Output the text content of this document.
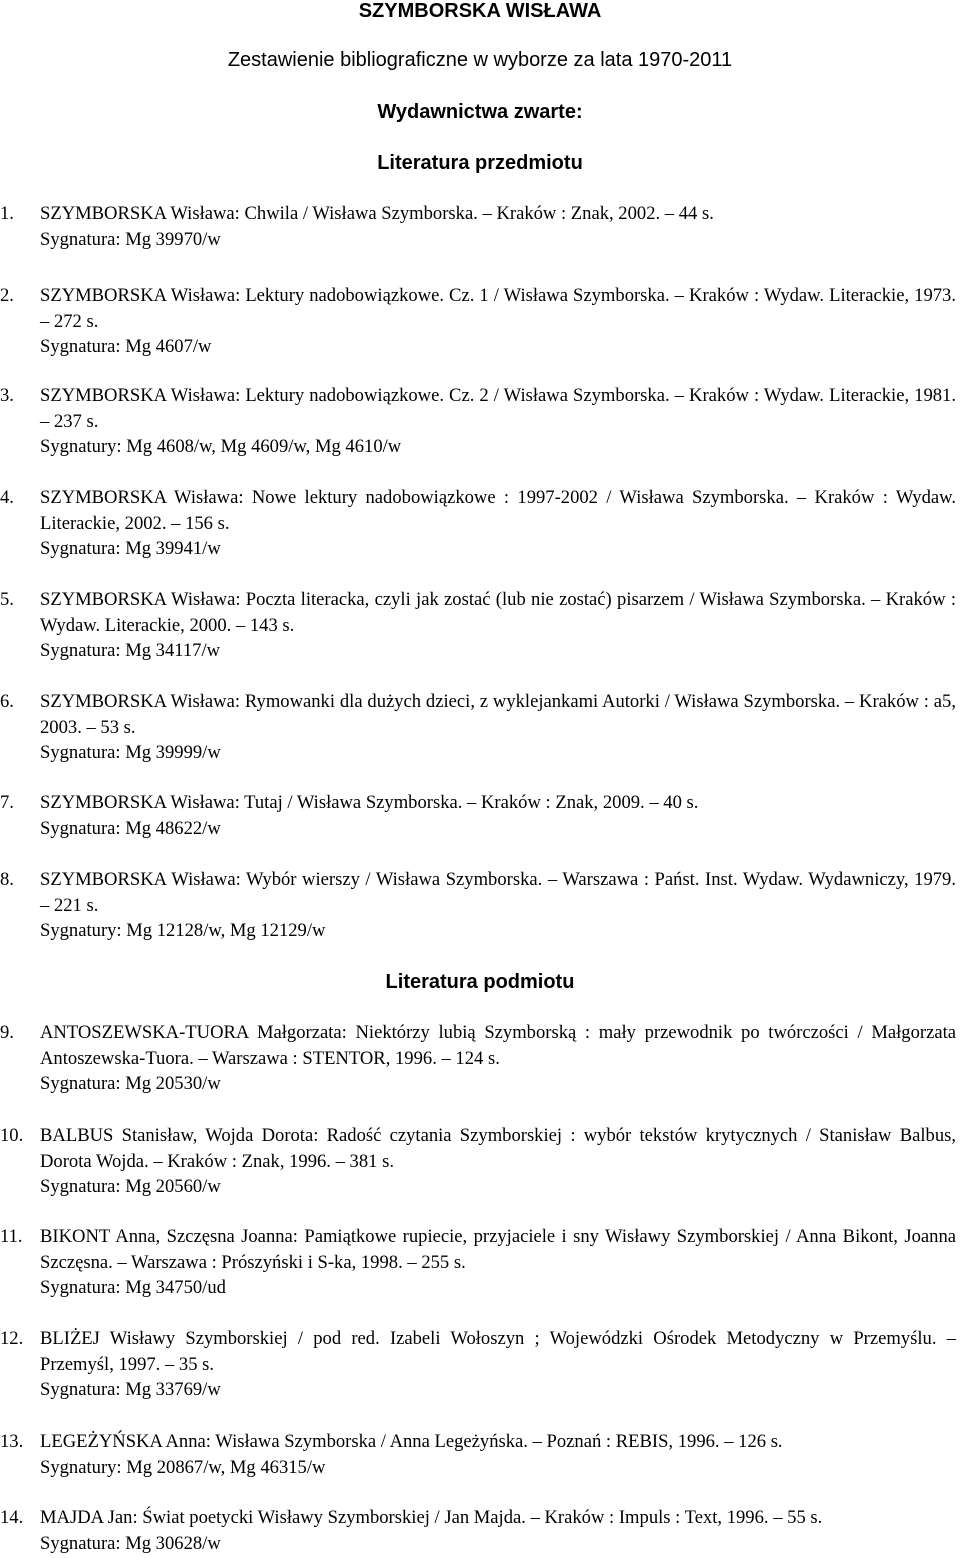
SZYMBORSKA WISŁAWA
Zestawienie bibliograficzne w wyborze za lata 1970-2011
Wydawnictwa zwarte:
Literatura przedmiotu
1. SZYMBORSKA Wisława: Chwila / Wisława Szymborska. – Kraków : Znak, 2002. – 44 s.
Sygnatura: Mg 39970/w
2. SZYMBORSKA Wisława: Lektury nadobowiązkowe. Cz. 1 / Wisława Szymborska. – Kraków : Wydaw. Literackie, 1973. – 272 s.
Sygnatura: Mg 4607/w
3. SZYMBORSKA Wisława: Lektury nadobowiązkowe. Cz. 2 / Wisława Szymborska. – Kraków : Wydaw. Literackie, 1981. – 237 s.
Sygnatury: Mg 4608/w, Mg 4609/w, Mg 4610/w
4. SZYMBORSKA Wisława: Nowe lektury nadobowiązkowe : 1997-2002 / Wisława Szymborska. – Kraków : Wydaw. Literackie, 2002. – 156 s.
Sygnatura: Mg 39941/w
5. SZYMBORSKA Wisława: Poczta literacka, czyli jak zostać (lub nie zostać) pisarzem / Wisława Szymborska. – Kraków : Wydaw. Literackie, 2000. – 143 s.
Sygnatura: Mg 34117/w
6. SZYMBORSKA Wisława: Rymowanki dla dużych dzieci, z wyklejankami Autorki / Wisława Szymborska. – Kraków : a5, 2003. – 53 s.
Sygnatura: Mg 39999/w
7. SZYMBORSKA Wisława: Tutaj / Wisława Szymborska. – Kraków : Znak, 2009. – 40 s.
Sygnatura: Mg 48622/w
8. SZYMBORSKA Wisława: Wybór wierszy / Wisława Szymborska. – Warszawa : Państ. Inst. Wydaw. Wydawniczy, 1979. – 221 s.
Sygnatury: Mg 12128/w, Mg 12129/w
Literatura podmiotu
9. ANTOSZEWSKA-TUORA Małgorzata: Niektórzy lubią Szymborską : mały przewodnik po twórczości / Małgorzata Antoszewska-Tuora. – Warszawa : STENTOR, 1996. – 124 s.
Sygnatura: Mg 20530/w
10. BALBUS Stanisław, Wojda Dorota: Radość czytania Szymborskiej : wybór tekstów krytycznych / Stanisław Balbus, Dorota Wojda. – Kraków : Znak, 1996. – 381 s.
Sygnatura: Mg 20560/w
11. BIKONT Anna, Szczęsna Joanna: Pamiątkowe rupiecie, przyjaciele i sny Wisławy Szymborskiej / Anna Bikont, Joanna Szczęsna. – Warszawa : Prószyński i S-ka, 1998. – 255 s.
Sygnatura: Mg 34750/ud
12. BLIŻEJ Wisławy Szymborskiej / pod red. Izabeli Wołoszyn ; Wojewódzki Ośrodek Metodyczny w Przemyślu. – Przemyśl, 1997. – 35 s.
Sygnatura: Mg 33769/w
13. LEGEŻYŃSKA Anna: Wisława Szymborska / Anna Legeżyńska. – Poznań : REBIS, 1996. – 126 s.
Sygnatury: Mg 20867/w, Mg 46315/w
14. MAJDA Jan: Świat poetycki Wisławy Szymborskiej / Jan Majda. – Kraków : Impuls : Text, 1996. – 55 s.
Sygnatura: Mg 30628/w
